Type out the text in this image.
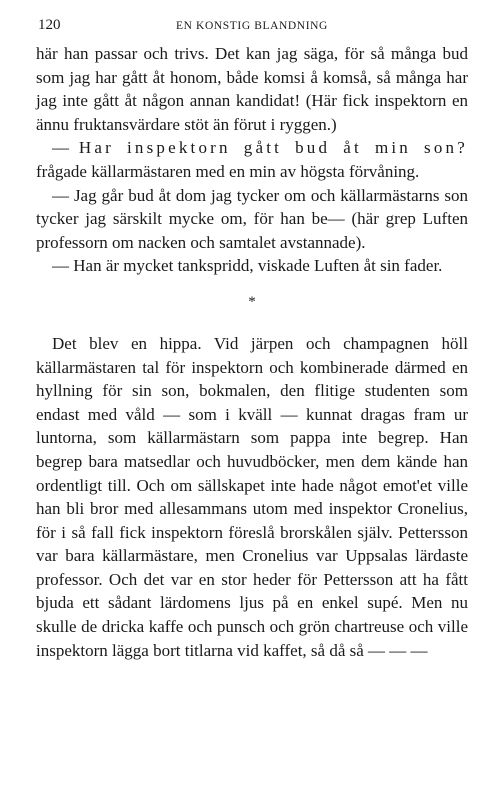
120	EN KONSTIG BLANDNING

här han passar och trivs. Det kan jag säga, för så många bud som jag har gått åt honom, både komsi å komså, så många har jag inte gått åt någon annan kandidat! (Här fick inspektorn en ännu fruktansvärdare stöt än förut i ryggen.)

— Har inspektorn gått bud åt min son? frågade källarmästaren med en min av högsta förvåning.

— Jag går bud åt dom jag tycker om och källarmästarns son tycker jag särskilt mycke om, för han be— (här grep Luften professorn om nacken och samtalet avstannade).

— Han är mycket tankspridd, viskade Luften åt sin fader.

*

Det blev en hippa. Vid järpen och champagnen höll källarmästaren tal för inspektorn och kombinerade därmed en hyllning för sin son, bokmalen, den flitige studenten som endast med våld — som i kväll — kunnat dragas fram ur luntorna, som källarmästarn som pappa inte begrep. Han begrep bara matsedlar och huvudböcker, men dem kände han ordentligt till. Och om sällskapet inte hade något emot'et ville han bli bror med allesammans utom med inspektor Cronelius, för i så fall fick inspektorn föreslå brorskålen själv. Pettersson var bara källarmästare, men Cronelius var Uppsalas lärdaste professor. Och det var en stor heder för Pettersson att ha fått bjuda ett sådant lärdomens ljus på en enkel supé. Men nu skulle de dricka kaffe och punsch och grön chartreuse och ville inspektorn lägga bort titlarna vid kaffet, så då så — — —
